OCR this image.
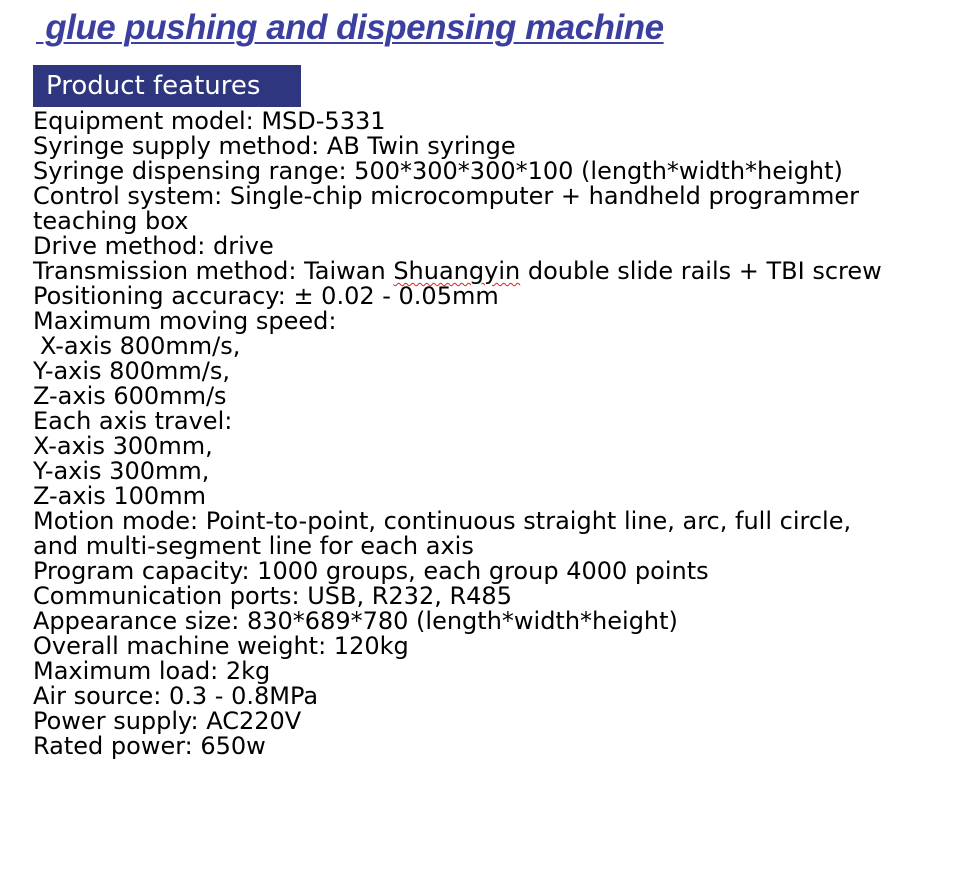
glue pushing and dispensing machine
Product features
Equipment model: MSD-5331
Syringe supply method: AB Twin syringe
Syringe dispensing range: 500*300*300*100 (length*width*height)
Control system: Single-chip microcomputer + handheld programmer
teaching box
Drive method: drive
Transmission method: Taiwan Shuangyin double slide rails + TBI screw
Positioning accuracy: ± 0.02 - 0.05mm
Maximum moving speed:
X-axis 800mm/s,
Y-axis 800mm/s,
Z-axis 600mm/s
Each axis travel:
X-axis 300mm,
Y-axis 300mm,
Z-axis 100mm
Motion mode: Point-to-point, continuous straight line, arc, full circle,
and multi-segment line for each axis
Program capacity: 1000 groups, each group 4000 points
Communication ports: USB, R232, R485
Appearance size: 830*689*780 (length*width*height)
Overall machine weight: 120kg
Maximum load: 2kg
Air source: 0.3 - 0.8MPa
Power supply: AC220V
Rated power: 650w
